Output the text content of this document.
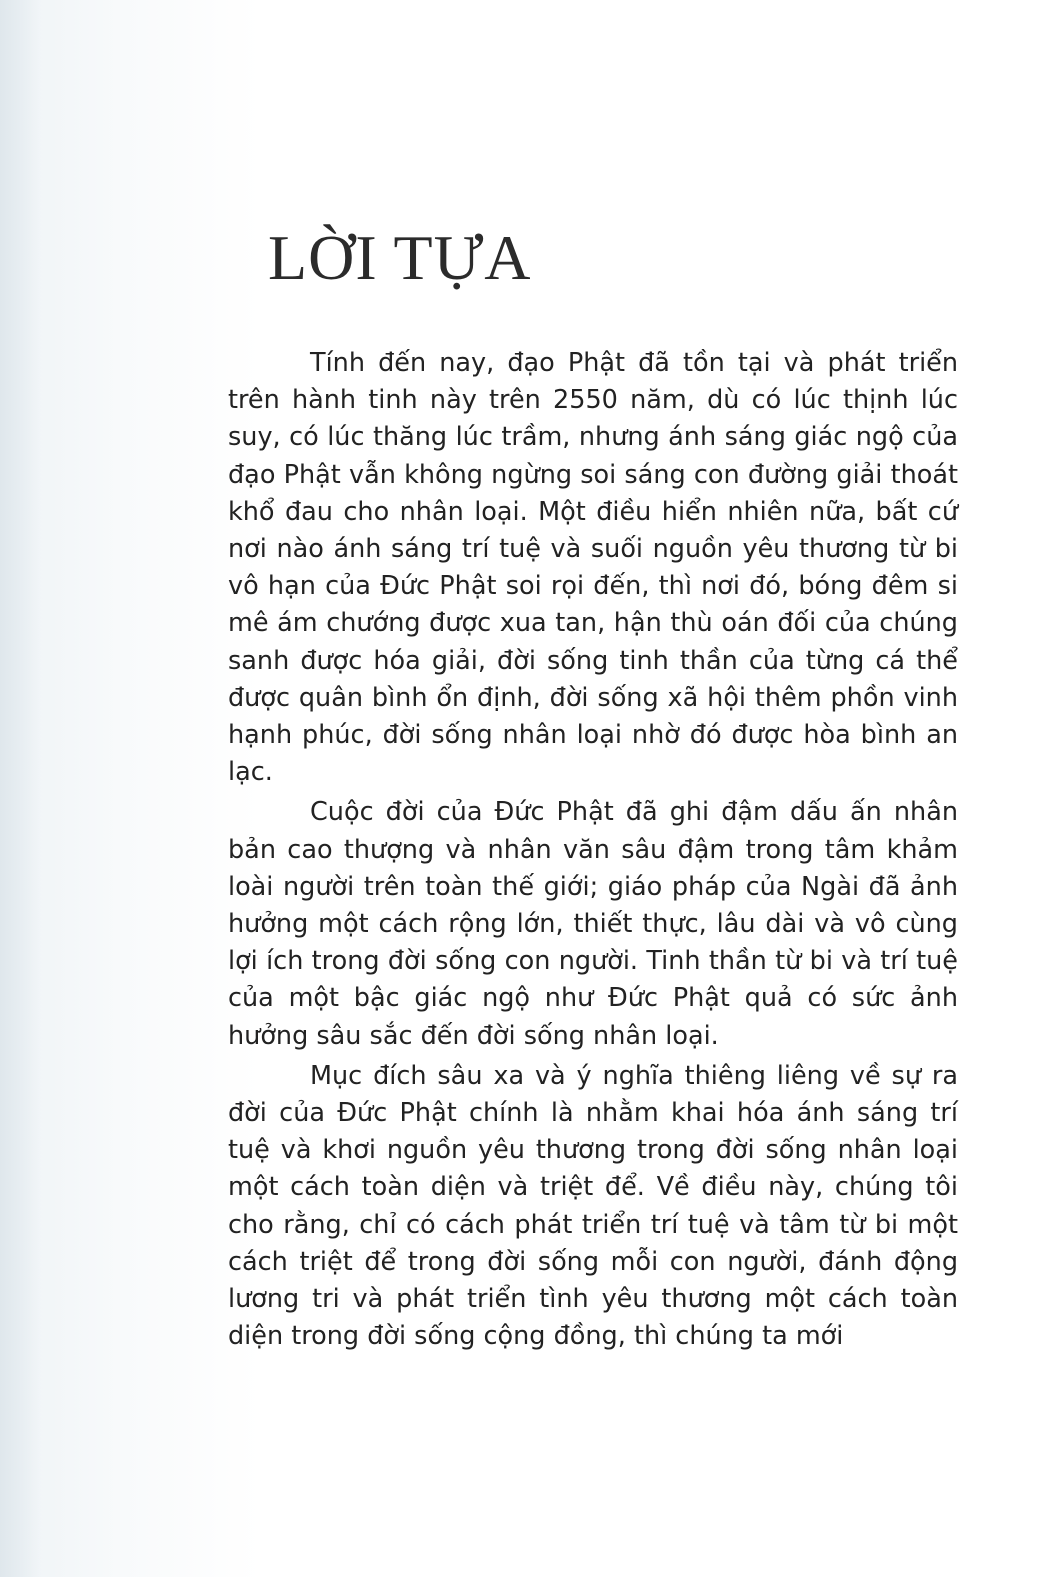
LỜI TỰA

Tính đến nay, đạo Phật đã tồn tại và phát triển trên hành tinh này trên 2550 năm, dù có lúc thịnh lúc suy, có lúc thăng lúc trầm, nhưng ánh sáng giác ngộ của đạo Phật vẫn không ngừng soi sáng con đường giải thoát khổ đau cho nhân loại. Một điều hiển nhiên nữa, bất cứ nơi nào ánh sáng trí tuệ và suối nguồn yêu thương từ bi vô hạn của Đức Phật soi rọi đến, thì nơi đó, bóng đêm si mê ám chướng được xua tan, hận thù oán đối của chúng sanh được hóa giải, đời sống tinh thần của từng cá thể được quân bình ổn định, đời sống xã hội thêm phồn vinh hạnh phúc, đời sống nhân loại nhờ đó được hòa bình an lạc.

Cuộc đời của Đức Phật đã ghi đậm dấu ấn nhân bản cao thượng và nhân văn sâu đậm trong tâm khảm loài người trên toàn thế giới; giáo pháp của Ngài đã ảnh hưởng một cách rộng lớn, thiết thực, lâu dài và vô cùng lợi ích trong đời sống con người. Tinh thần từ bi và trí tuệ của một bậc giác ngộ như Đức Phật quả có sức ảnh hưởng sâu sắc đến đời sống nhân loại.

Mục đích sâu xa và ý nghĩa thiêng liêng về sự ra đời của Đức Phật chính là nhằm khai hóa ánh sáng trí tuệ và khơi nguồn yêu thương trong đời sống nhân loại một cách toàn diện và triệt để. Về điều này, chúng tôi cho rằng, chỉ có cách phát triển trí tuệ và tâm từ bi một cách triệt để trong đời sống mỗi con người, đánh động lương tri và phát triển tình yêu thương một cách toàn diện trong đời sống cộng đồng, thì chúng ta mới
